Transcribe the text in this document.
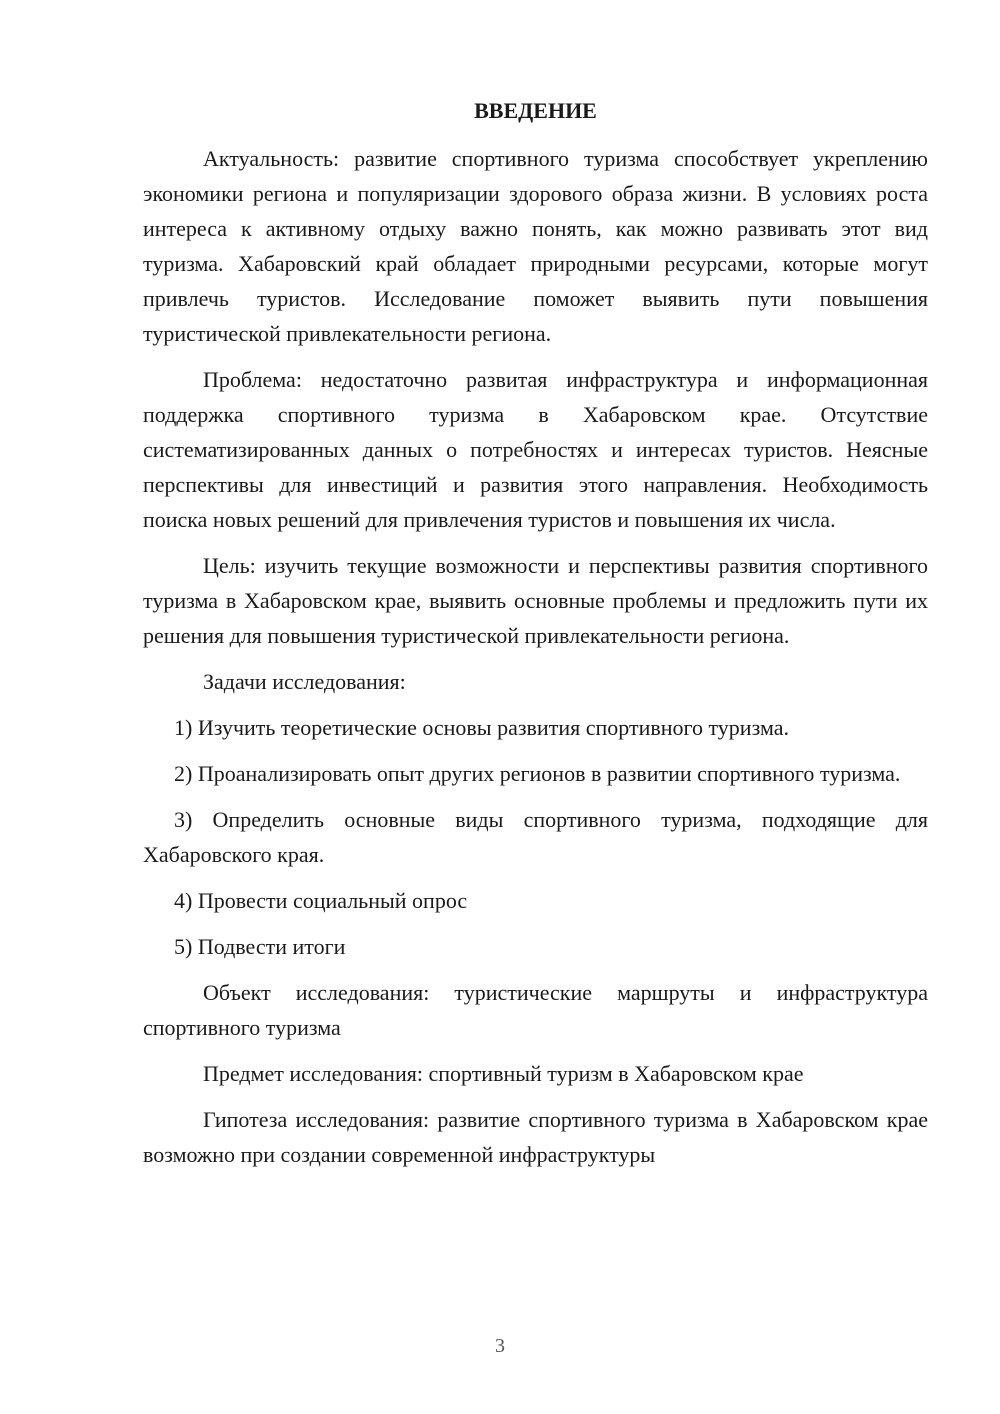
ВВЕДЕНИЕ

Актуальность: развитие спортивного туризма способствует укреплению экономики региона и популяризации здорового образа жизни. В условиях роста интереса к активному отдыху важно понять, как можно развивать этот вид туризма. Хабаровский край обладает природными ресурсами, которые могут привлечь туристов. Исследование поможет выявить пути повышения туристической привлекательности региона.

Проблема: недостаточно развитая инфраструктура и информационная поддержка спортивного туризма в Хабаровском крае. Отсутствие систематизированных данных о потребностях и интересах туристов. Неясные перспективы для инвестиций и развития этого направления. Необходимость поиска новых решений для привлечения туристов и повышения их числа.

Цель: изучить текущие возможности и перспективы развития спортивного туризма в Хабаровском крае, выявить основные проблемы и предложить пути их решения для повышения туристической привлекательности региона.

Задачи исследования:

1) Изучить теоретические основы развития спортивного туризма.

2) Проанализировать опыт других регионов в развитии спортивного туризма.

3) Определить основные виды спортивного туризма, подходящие для Хабаровского края.

4) Провести социальный опрос

5) Подвести итоги

Объект исследования: туристические маршруты и инфраструктура спортивного туризма

Предмет исследования: спортивный туризм в Хабаровском крае

Гипотеза исследования: развитие спортивного туризма в Хабаровском крае возможно при создании современной инфраструктуры

3
